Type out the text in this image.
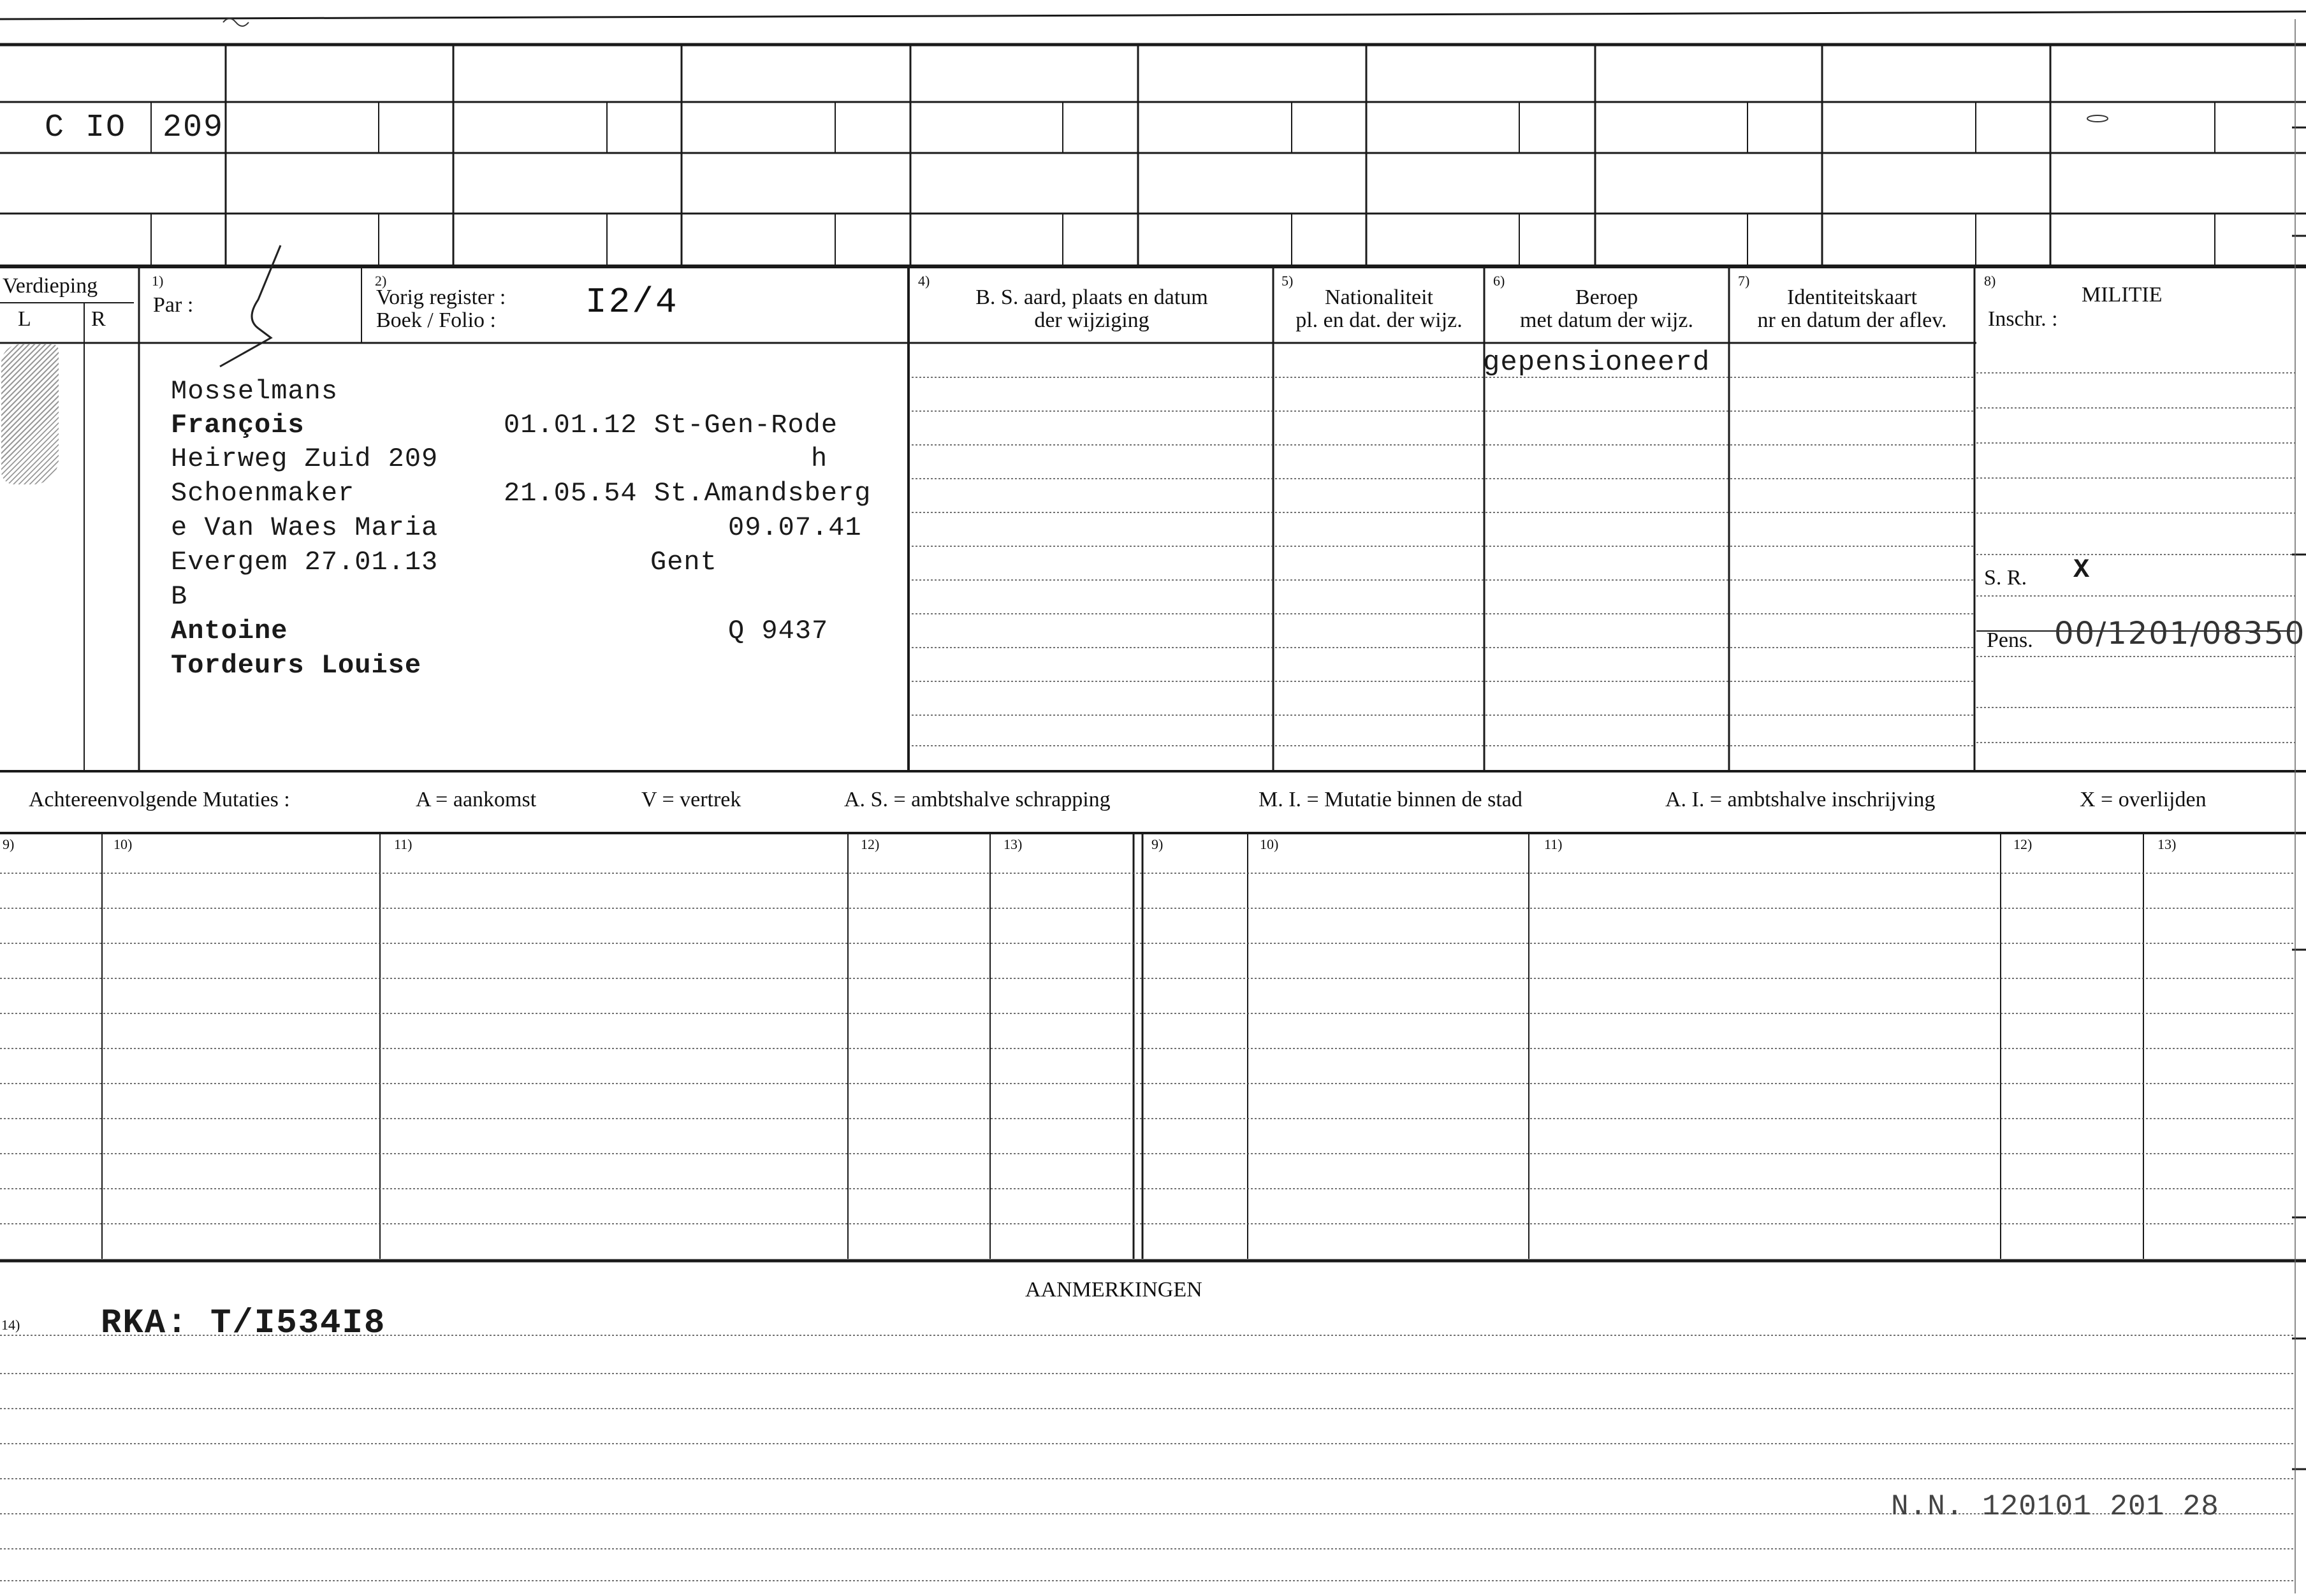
C IO 209
Verdieping
L	R
1)
Par :
2)
Vorig register :
Boek / Folio :	I2/4
4)
B. S. aard, plaats en datum
der wijziging
5)
Nationaliteit
pl. en dat. der wijz.
6)
Beroep
met datum der wijz.
7)
Identiteitskaart
nr en datum der aflev.
8)
MILITIE
Inschr. :
Mosselmans
François	01.01.12 St-Gen-Rode
Heirweg Zuid 209	h
Schoenmaker	21.05.54 St.Amandsberg
e Van Waes Maria	09.07.41
Evergem 27.01.13	Gent
B
Antoine	Q 9437
Tordeurs Louise
gepensioneerd
S. R. X
Pens. 00/1201/08350
Achtereenvolgende Mutaties :	A = aankomst	V = vertrek	A. S. = ambtshalve schrapping	M. I. = Mutatie binnen de stad	A. I. = ambtshalve inschrijving	X = overlijden
9)	10)	11)	12)	13)	9)	10)	11)	12)	13)
AANMERKINGEN
14) RKA: T/I534I8
N.N. 120101 201 28
